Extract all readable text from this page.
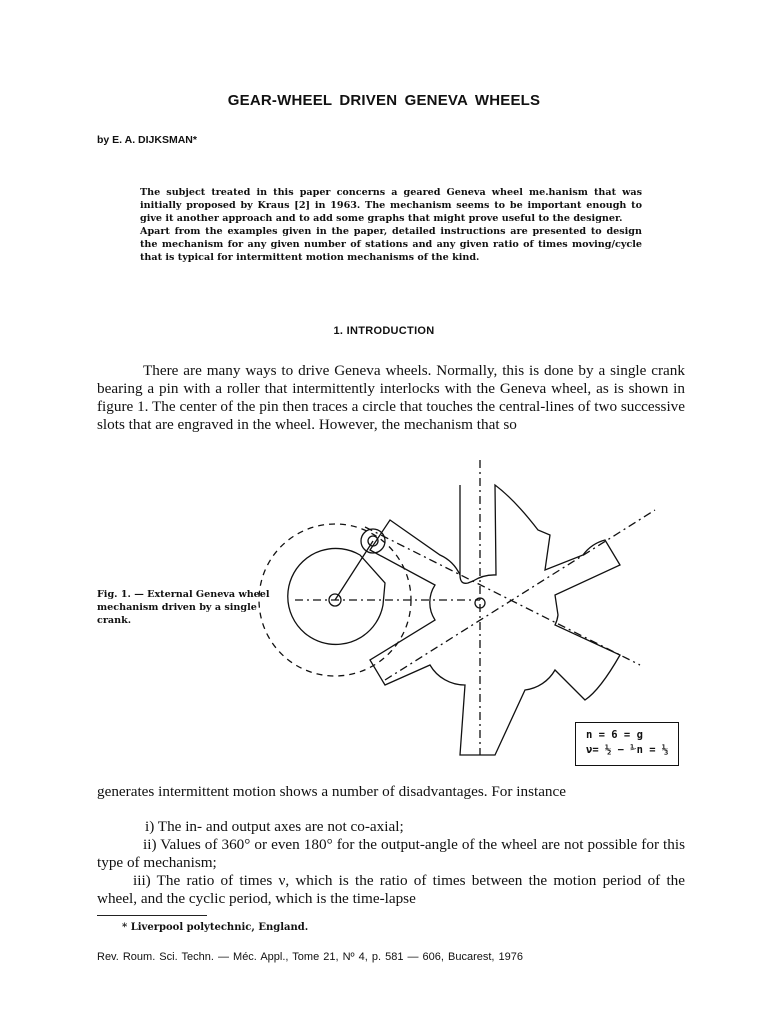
GEAR-WHEEL DRIVEN GENEVA WHEELS
by E. A. DIJKSMAN*

The subject treated in this paper concerns a geared Geneva wheel me.hanism that was initially proposed by Kraus [2] in 1963. The mechanism seems to be important enough to give it another approach and to add some graphs that might prove useful to the designer.

Apart from the examples given in the paper, detailed instructions are presented to design the mechanism for any given number of stations and any given ratio of times moving/cycle that is typical for intermittent motion mechanisms of the kind.

1. INTRODUCTION

There are many ways to drive Geneva wheels. Normally, this is done by a single crank bearing a pin with a roller that intermittently interlocks with the Geneva wheel, as is shown in figure 1. The center of the pin then traces a circle that touches the central-lines of two successive slots that are engraved in the wheel. However, the mechanism that so

Fig. 1. — External Geneva wheel mechanism driven by a single crank.
n = 6 = g
ν= ½ − ⅟n = ⅓

generates intermittent motion shows a number of disadvantages. For instance

i) The in- and output axes are not co-axial;

ii) Values of 360° or even 180° for the output-angle of the wheel are not possible for this type of mechanism;

iii) The ratio of times ν, which is the ratio of times between the motion period of the wheel, and the cyclic period, which is the time-lapse

* Liverpool polytechnic, England.
Rev. Roum. Sci. Techn. — Méc. Appl., Tome 21, Nº 4, p. 581 — 606, Bucarest, 1976
